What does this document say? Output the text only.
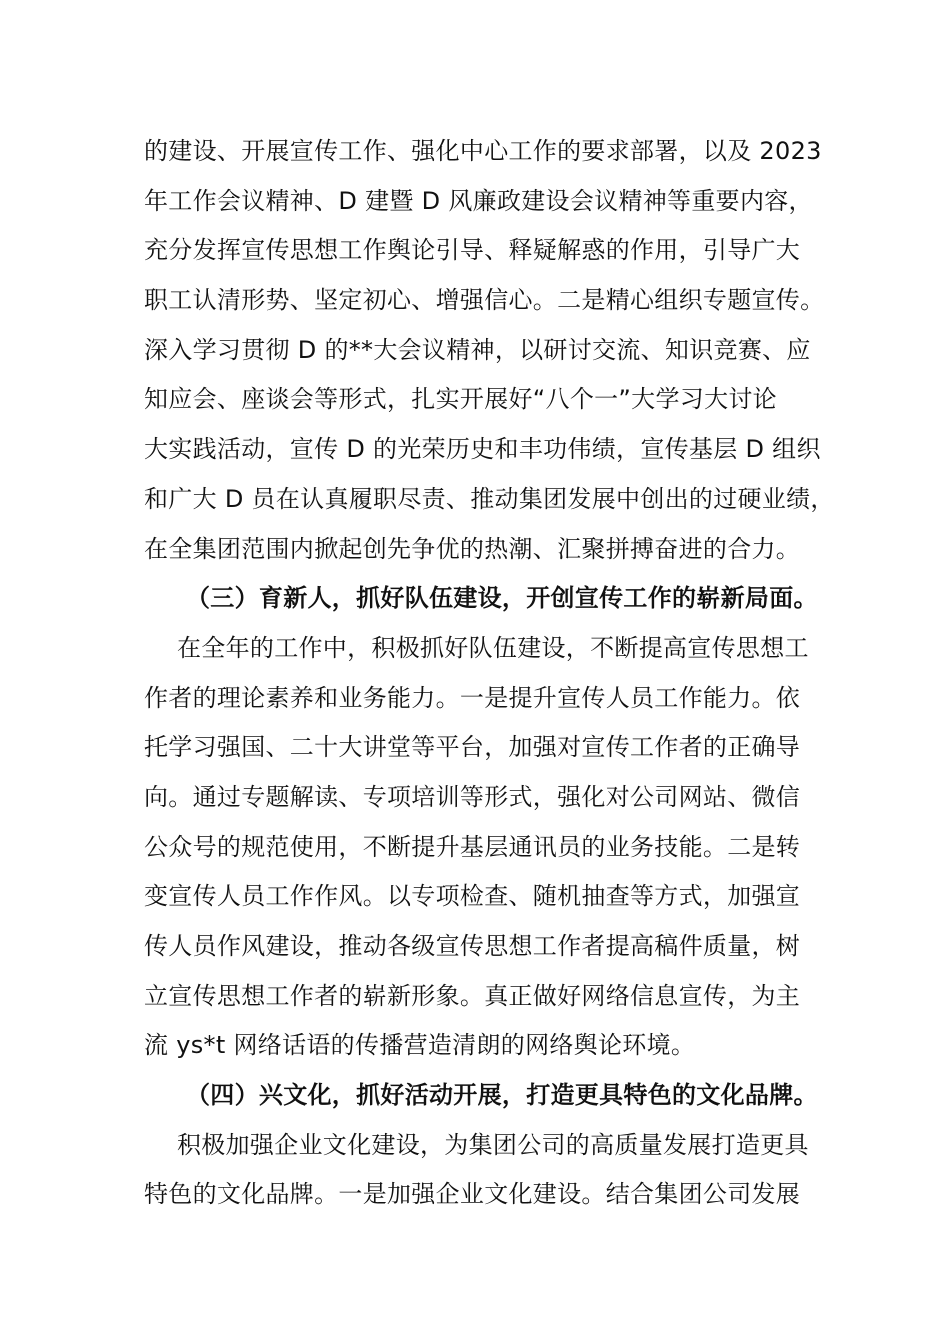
的建设、开展宣传工作、强化中心工作的要求部署，以及 2023
年工作会议精神、D 建暨 D 风廉政建设会议精神等重要内容，
充分发挥宣传思想工作舆论引导、释疑解惑的作用，引导广大
职工认清形势、坚定初心、增强信心。二是精心组织专题宣传。
深入学习贯彻 D 的**大会议精神，以研讨交流、知识竞赛、应
知应会、座谈会等形式，扎实开展好“八个一”大学习大讨论
大实践活动，宣传 D 的光荣历史和丰功伟绩，宣传基层 D 组织
和广大 D 员在认真履职尽责、推动集团发展中创出的过硬业绩，
在全集团范围内掀起创先争优的热潮、汇聚拼搏奋进的合力。
（三）育新人，抓好队伍建设，开创宣传工作的崭新局面。
在全年的工作中，积极抓好队伍建设，不断提高宣传思想工
作者的理论素养和业务能力。一是提升宣传人员工作能力。依
托学习强国、二十大讲堂等平台，加强对宣传工作者的正确导
向。通过专题解读、专项培训等形式，强化对公司网站、微信
公众号的规范使用，不断提升基层通讯员的业务技能。二是转
变宣传人员工作作风。以专项检查、随机抽查等方式，加强宣
传人员作风建设，推动各级宣传思想工作者提高稿件质量，树
立宣传思想工作者的崭新形象。真正做好网络信息宣传，为主
流 ys*t 网络话语的传播营造清朗的网络舆论环境。
（四）兴文化，抓好活动开展，打造更具特色的文化品牌。
积极加强企业文化建设，为集团公司的高质量发展打造更具
特色的文化品牌。一是加强企业文化建设。结合集团公司发展
